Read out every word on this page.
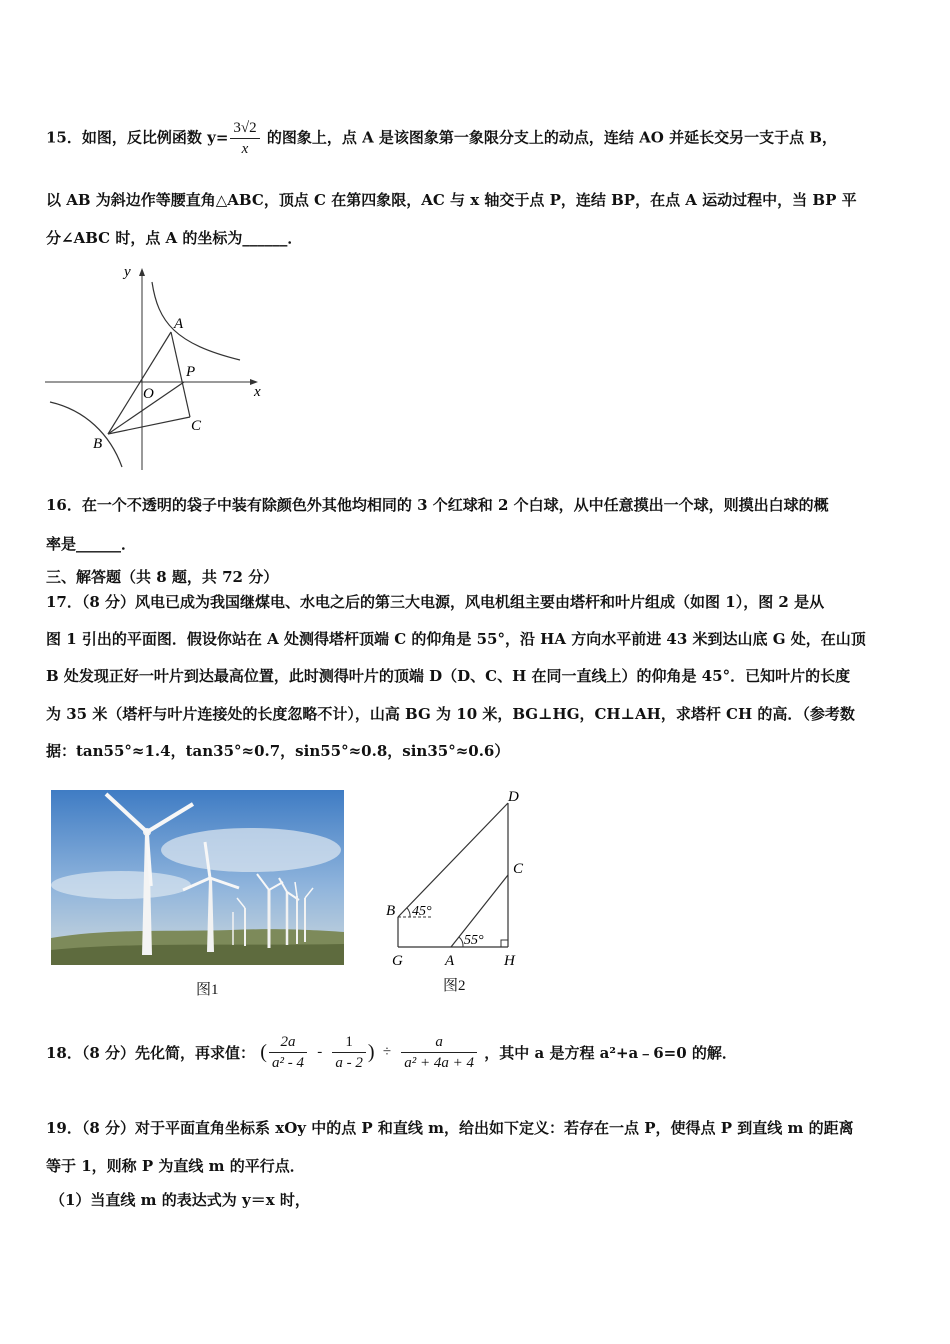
15．如图，反比例函数 $y= \frac{3√2}{x}$ 的图象上，点 A 是该图象第一象限分支上的动点，连结 AO 并延长交另一支于点 B，
以 AB 为斜边作等腰直角△ABC，顶点 C 在第四象限，AC 与 x 轴交于点 P，连结 BP，在点 A 运动过程中，当 BP 平
分∠ABC 时，点 A 的坐标为______．
y
x
A
O
P
B
C
16．在一个不透明的袋子中装有除颜色外其他均相同的 3 个红球和 2 个白球，从中任意摸出一个球，则摸出白球的概
率是______．
三、解答题（共 8 题，共 72 分）
17．（8 分）风电已成为我国继煤电、水电之后的第三大电源，风电机组主要由塔杆和叶片组成（如图 1），图 2 是从
图 1 引出的平面图．假设你站在 A 处测得塔杆顶端 C 的仰角是 55°，沿 HA 方向水平前进 43 米到达山底 G 处，在山顶
B 处发现正好一叶片到达最高位置，此时测得叶片的顶端 D（D、C、H 在同一直线上）的仰角是 45°．已知叶片的长度
为 35 米（塔杆与叶片连接处的长度忽略不计），山高 BG 为 10 米，BG⊥HG，CH⊥AH，求塔杆 CH 的高．（参考数
据：tan55°≈1.4，tan35°≈0.7，sin55°≈0.8，sin35°≈0.6）
图1
D
C
B 45°
55°
G	A	H
图2
18．（8 分）先化简，再求值： ( $\frac{2a}{\text{a² - 4}} - \frac{1}{a - 2}$ ) ÷ $\frac{a}{\text{a² + 4a + 4}}$ ，其中 a 是方程 a²+a﹣6=0 的解．
19．（8 分）对于平面直角坐标系 xOy 中的点 P 和直线 m，给出如下定义：若存在一点 P，使得点 P 到直线 m 的距离
等于 1，则称 P 为直线 m 的平行点．
（1）当直线 m 的表达式为 y＝x 时，
